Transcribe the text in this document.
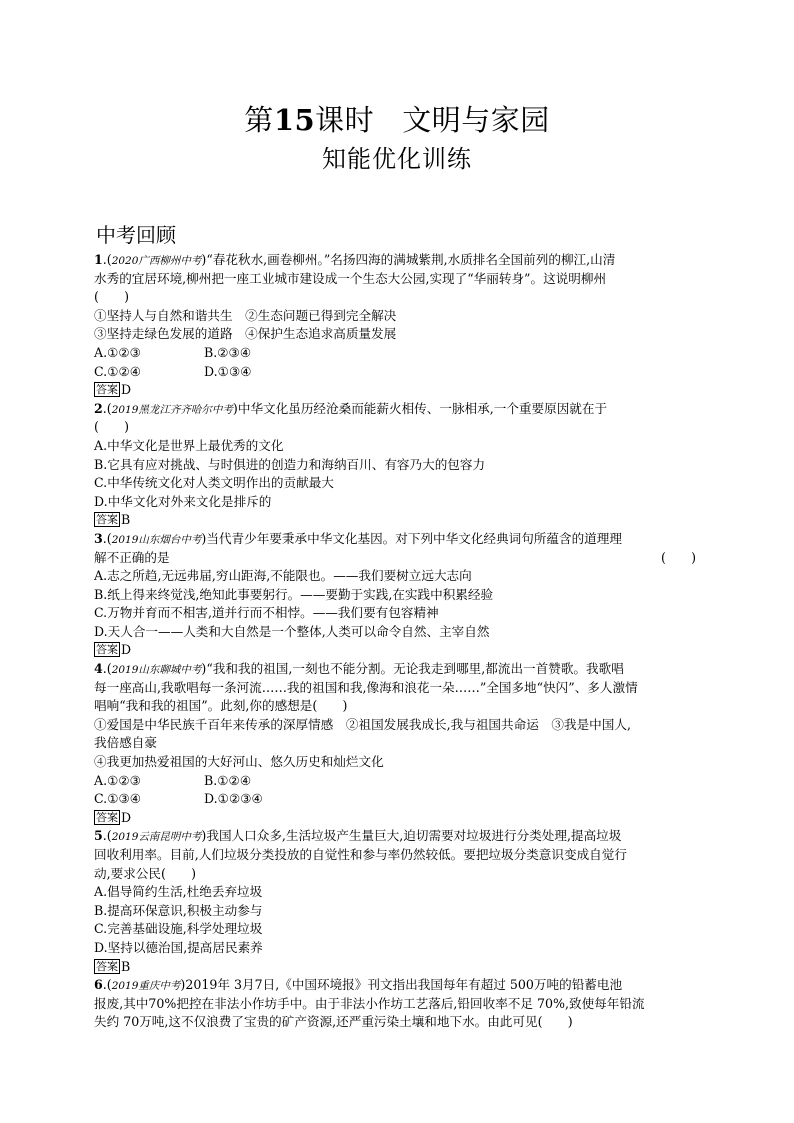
第15课时 文明与家园
知能优化训练
中考回顾
1.(2020广西柳州中考)“春花秋水,画卷柳州。”名扬四海的满城紫荆,水质排名全国前列的柳江,山清
水秀的宜居环境,柳州把一座工业城市建设成一个生态大公园,实现了“华丽转身”。这说明柳州
(　　)
①坚持人与自然和谐共生　②生态问题已得到完全解决
③坚持走绿色发展的道路　④保护生态追求高质量发展
A.①②③	B.②③④
C.①②④	D.①③④
答案 D
2.(2019黑龙江齐齐哈尔中考)中华文化虽历经沧桑而能薪火相传、一脉相承,一个重要原因就在于
(　　)
A.中华文化是世界上最优秀的文化
B.它具有应对挑战、与时俱进的创造力和海纳百川、有容乃大的包容力
C.中华传统文化对人类文明作出的贡献最大
D.中华文化对外来文化是排斥的
答案 B
3.(2019山东烟台中考)当代青少年要秉承中华文化基因。对下列中华文化经典词句所蕴含的道理理
解不正确的是	(　　)
A.志之所趋,无远弗届,穷山距海,不能限也。——我们要树立远大志向
B.纸上得来终觉浅,绝知此事要躬行。——要勤于实践,在实践中积累经验
C.万物并育而不相害,道并行而不相悖。——我们要有包容精神
D.天人合一——人类和大自然是一个整体,人类可以命令自然、主宰自然
答案 D
4.(2019山东聊城中考)“我和我的祖国,一刻也不能分割。无论我走到哪里,都流出一首赞歌。我歌唱
每一座高山,我歌唱每一条河流……我的祖国和我,像海和浪花一朵……”全国多地“快闪”、多人激情
唱响“我和我的祖国”。此刻,你的感想是(　　)
①爱国是中华民族千百年来传承的深厚情感　②祖国发展我成长,我与祖国共命运　③我是中国人,
我倍感自豪
④我更加热爱祖国的大好河山、悠久历史和灿烂文化
A.①②③	B.①②④
C.①③④	D.①②③④
答案 D
5.(2019云南昆明中考)我国人口众多,生活垃圾产生量巨大,迫切需要对垃圾进行分类处理,提高垃圾
回收利用率。目前,人们垃圾分类投放的自觉性和参与率仍然较低。要把垃圾分类意识变成自觉行
动,要求公民(　　)
A.倡导简约生活,杜绝丢弃垃圾
B.提高环保意识,积极主动参与
C.完善基础设施,科学处理垃圾
D.坚持以德治国,提高居民素养
答案 B
6.(2019重庆中考)2019年 3月7日,《中国环境报》刊文指出我国每年有超过 500万吨的铅蓄电池
报废,其中70%把控在非法小作坊手中。由于非法小作坊工艺落后,铅回收率不足 70%,致使每年铅流
失约 70万吨,这不仅浪费了宝贵的矿产资源,还严重污染土壤和地下水。由此可见(　　)
